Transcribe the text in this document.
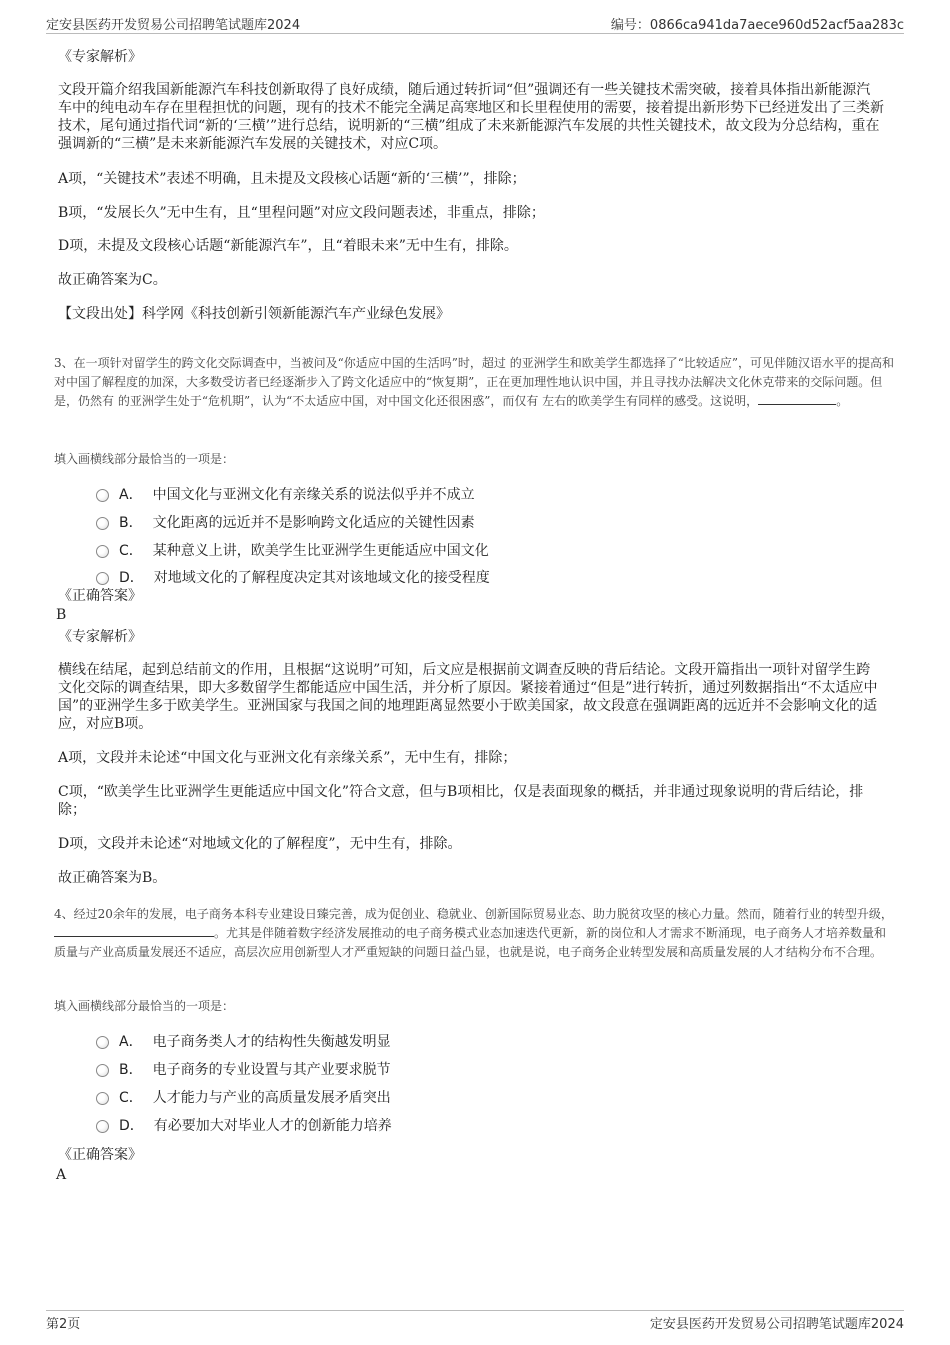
定安县医药开发贸易公司招聘笔试题库2024	编号：0866ca941da7aece960d52acf5aa283c
《专家解析》
文段开篇介绍我国新能源汽车科技创新取得了良好成绩，随后通过转折词“但”强调还有一些关键技术需突破，接着具体指出新能源汽车中的纯电动车存在里程担忧的问题，现有的技术不能完全满足高寒地区和长里程使用的需要，接着提出新形势下已经迸发出了三类新技术，尾句通过指代词“新的‘三横’”进行总结，说明新的“三横”组成了未来新能源汽车发展的共性关键技术，故文段为分总结构，重在强调新的“三横”是未来新能源汽车发展的关键技术，对应C项。
A项，“关键技术”表述不明确，且未提及文段核心话题“新的‘三横’”，排除；
B项，“发展长久”无中生有，且“里程问题”对应文段问题表述，非重点，排除；
D项，未提及文段核心话题“新能源汽车”，且“着眼未来”无中生有，排除。
故正确答案为C。
【文段出处】科学网《科技创新引领新能源汽车产业绿色发展》
3、在一项针对留学生的跨文化交际调查中，当被问及“你适应中国的生活吗”时，超过 的亚洲学生和欧美学生都选择了“比较适应”，可见伴随汉语水平的提高和对中国了解程度的加深，大多数受访者已经逐渐步入了跨文化适应中的“恢复期”，正在更加理性地认识中国，并且寻找办法解决文化休克带来的交际问题。但是，仍然有 的亚洲学生处于“危机期”，认为“不太适应中国，对中国文化还很困惑”，而仅有 左右的欧美学生有同样的感受。这说明，	。
填入画横线部分最恰当的一项是：
A． 中国文化与亚洲文化有亲缘关系的说法似乎并不成立
B． 文化距离的远近并不是影响跨文化适应的关键性因素
C． 某种意义上讲，欧美学生比亚洲学生更能适应中国文化
D． 对地域文化的了解程度决定其对该地域文化的接受程度
《正确答案》
B
《专家解析》
横线在结尾，起到总结前文的作用，且根据“这说明”可知，后文应是根据前文调查反映的背后结论。文段开篇指出一项针对留学生跨文化交际的调查结果，即大多数留学生都能适应中国生活，并分析了原因。紧接着通过“但是”进行转折，通过列数据指出“不太适应中国”的亚洲学生多于欧美学生。亚洲国家与我国之间的地理距离显然要小于欧美国家，故文段意在强调距离的远近并不会影响文化的适应，对应B项。
A项，文段并未论述“中国文化与亚洲文化有亲缘关系”，无中生有，排除；
C项，“欧美学生比亚洲学生更能适应中国文化”符合文意，但与B项相比，仅是表面现象的概括，并非通过现象说明的背后结论，排除；
D项，文段并未论述“对地域文化的了解程度”，无中生有，排除。
故正确答案为B。
4、经过20余年的发展，电子商务本科专业建设日臻完善，成为促创业、稳就业、创新国际贸易业态、助力脱贫攻坚的核心力量。然而，随着行业的转型升级，。尤其是伴随着数字经济发展推动的电子商务模式业态加速迭代更新，新的岗位和人才需求不断涌现，电子商务人才培养数量和质量与产业高质量发展还不适应，高层次应用创新型人才严重短缺的问题日益凸显，也就是说，电子商务企业转型发展和高质量发展的人才结构分布不合理。
填入画横线部分最恰当的一项是：
A． 电子商务类人才的结构性失衡越发明显
B． 电子商务的专业设置与其产业要求脱节
C． 人才能力与产业的高质量发展矛盾突出
D． 有必要加大对毕业人才的创新能力培养
《正确答案》
A
第2页	定安县医药开发贸易公司招聘笔试题库2024
